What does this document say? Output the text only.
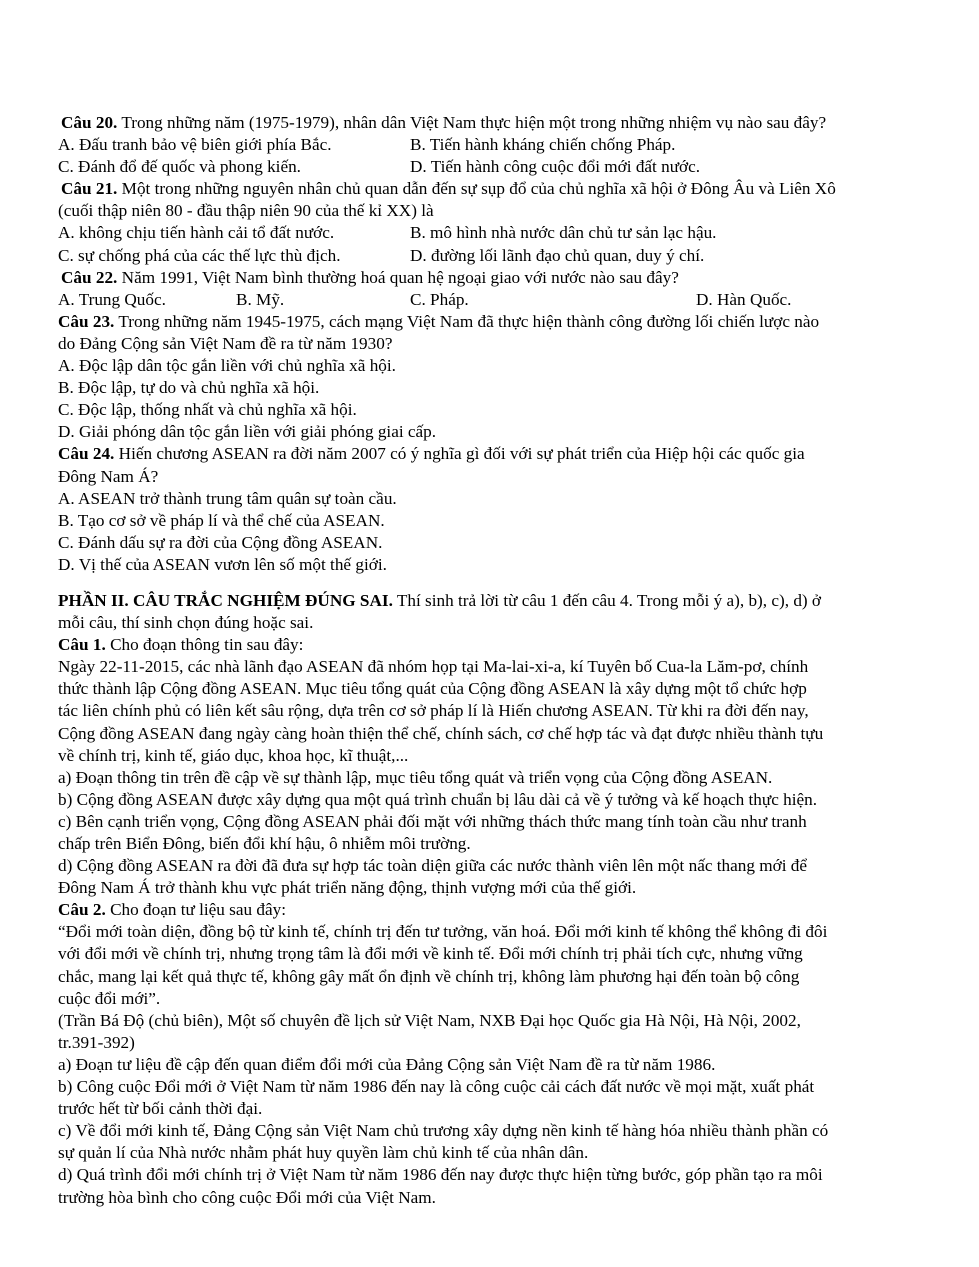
Câu 20. Trong những năm (1975-1979), nhân dân Việt Nam thực hiện một trong những nhiệm vụ nào sau đây?
A. Đấu tranh bảo vệ biên giới phía Bắc.	B. Tiến hành kháng chiến chống Pháp.
C. Đánh đổ đế quốc và phong kiến.	D. Tiến hành công cuộc đổi mới đất nước.
Câu 21. Một trong những nguyên nhân chủ quan dẫn đến sự sụp đổ của chủ nghĩa xã hội ở Đông Âu và Liên Xô
(cuối thập niên 80 - đầu thập niên 90 của thế kỉ XX) là
A. không chịu tiến hành cải tổ đất nước.	B. mô hình nhà nước dân chủ tư sản lạc hậu.
C. sự chống phá của các thế lực thù địch.	D. đường lối lãnh đạo chủ quan, duy ý chí.
Câu 22. Năm 1991, Việt Nam bình thường hoá quan hệ ngoại giao với nước nào sau đây?
A. Trung Quốc.	B. Mỹ.	C. Pháp.	D. Hàn Quốc.
Câu 23. Trong những năm 1945-1975, cách mạng Việt Nam đã thực hiện thành công đường lối chiến lược nào
do Đảng Cộng sản Việt Nam đề ra từ năm 1930?
A. Độc lập dân tộc gắn liền với chủ nghĩa xã hội.
B. Độc lập, tự do và chủ nghĩa xã hội.
C. Độc lập, thống nhất và chủ nghĩa xã hội.
D. Giải phóng dân tộc gắn liền với giải phóng giai cấp.
Câu 24. Hiến chương ASEAN ra đời năm 2007 có ý nghĩa gì đối với sự phát triển của Hiệp hội các quốc gia
Đông Nam Á?
A. ASEAN trở thành trung tâm quân sự toàn cầu.
B. Tạo cơ sở về pháp lí và thể chế của ASEAN.
C. Đánh dấu sự ra đời của Cộng đồng ASEAN.
D. Vị thế của ASEAN vươn lên số một thế giới.
PHẦN II. CÂU TRẮC NGHIỆM ĐÚNG SAI. Thí sinh trả lời từ câu 1 đến câu 4. Trong mỗi ý a), b), c), d) ở
mỗi câu, thí sinh chọn đúng hoặc sai.
Câu 1. Cho đoạn thông tin sau đây:
Ngày 22-11-2015, các nhà lãnh đạo ASEAN đã nhóm họp tại Ma-lai-xi-a, kí Tuyên bố Cua-la Lăm-pơ, chính
thức thành lập Cộng đồng ASEAN. Mục tiêu tổng quát của Cộng đồng ASEAN là xây dựng một tổ chức hợp
tác liên chính phủ có liên kết sâu rộng, dựa trên cơ sở pháp lí là Hiến chương ASEAN. Từ khi ra đời đến nay,
Cộng đồng ASEAN đang ngày càng hoàn thiện thể chế, chính sách, cơ chế hợp tác và đạt được nhiều thành tựu
về chính trị, kinh tế, giáo dục, khoa học, kĩ thuật,...
a) Đoạn thông tin trên đề cập về sự thành lập, mục tiêu tổng quát và triển vọng của Cộng đồng ASEAN.
b) Cộng đồng ASEAN được xây dựng qua một quá trình chuẩn bị lâu dài cả về ý tưởng và kế hoạch thực hiện.
c) Bên cạnh triển vọng, Cộng đồng ASEAN phải đối mặt với những thách thức mang tính toàn cầu như tranh
chấp trên Biển Đông, biến đổi khí hậu, ô nhiễm môi trường.
d) Cộng đồng ASEAN ra đời đã đưa sự hợp tác toàn diện giữa các nước thành viên lên một nấc thang mới để
Đông Nam Á trở thành khu vực phát triển năng động, thịnh vượng mới của thế giới.
Câu 2. Cho đoạn tư liệu sau đây:
“Đổi mới toàn diện, đồng bộ từ kinh tế, chính trị đến tư tưởng, văn hoá. Đổi mới kinh tế không thể không đi đôi
với đổi mới về chính trị, nhưng trọng tâm là đổi mới về kinh tế. Đổi mới chính trị phải tích cực, nhưng vững
chắc, mang lại kết quả thực tế, không gây mất ổn định về chính trị, không làm phương hại đến toàn bộ công
cuộc đổi mới”.
(Trần Bá Độ (chủ biên), Một số chuyên đề lịch sử Việt Nam, NXB Đại học Quốc gia Hà Nội, Hà Nội, 2002,
tr.391-392)
a) Đoạn tư liệu đề cập đến quan điểm đổi mới của Đảng Cộng sản Việt Nam đề ra từ năm 1986.
b) Công cuộc Đổi mới ở Việt Nam từ năm 1986 đến nay là công cuộc cải cách đất nước về mọi mặt, xuất phát
trước hết từ bối cảnh thời đại.
c) Về đổi mới kinh tế, Đảng Cộng sản Việt Nam chủ trương xây dựng nền kinh tế hàng hóa nhiều thành phần có
sự quản lí của Nhà nước nhằm phát huy quyền làm chủ kinh tế của nhân dân.
d) Quá trình đổi mới chính trị ở Việt Nam từ năm 1986 đến nay được thực hiện từng bước, góp phần tạo ra môi
trường hòa bình cho công cuộc Đổi mới của Việt Nam.
